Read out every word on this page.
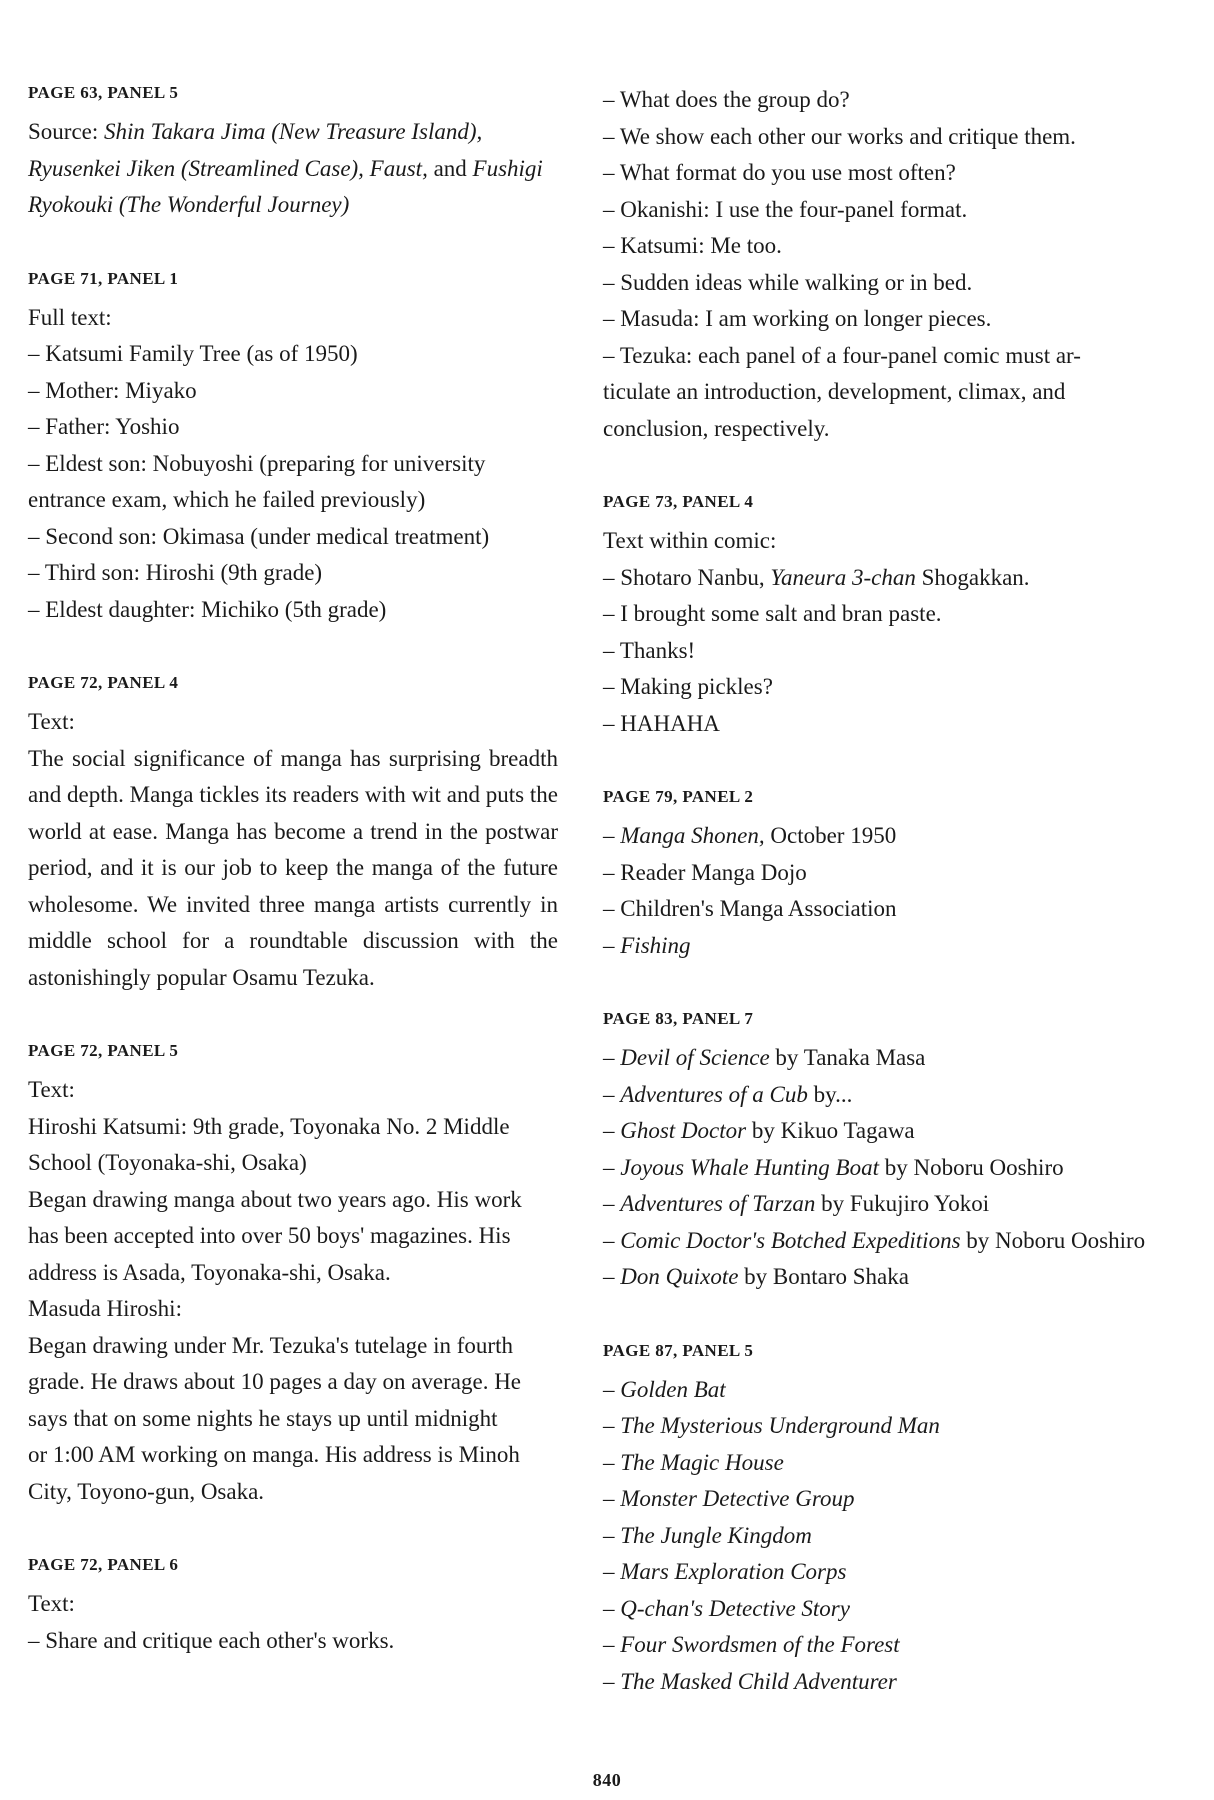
PAGE 63, PANEL 5
Source: Shin Takara Jima (New Treasure Island),
Ryusenkei Jiken (Streamlined Case), Faust, and Fushigi
Ryokouki (The Wonderful Journey)
PAGE 71, PANEL 1
Full text:
– Katsumi Family Tree (as of 1950)
– Mother: Miyako
– Father: Yoshio
– Eldest son: Nobuyoshi (preparing for university
entrance exam, which he failed previously)
– Second son: Okimasa (under medical treatment)
– Third son: Hiroshi (9th grade)
– Eldest daughter: Michiko (5th grade)
PAGE 72, PANEL 4
Text:
The social significance of manga has surprising breadth and depth. Manga tickles its readers with wit and puts the world at ease. Manga has become a trend in the postwar period, and it is our job to keep the manga of the future wholesome. We invited three manga artists currently in middle school for a roundtable discussion with the astonishingly popular Osamu Tezuka.
PAGE 72, PANEL 5
Text:
Hiroshi Katsumi: 9th grade, Toyonaka No. 2 Middle
School (Toyonaka-shi, Osaka)
Began drawing manga about two years ago. His work
has been accepted into over 50 boys' magazines. His
address is Asada, Toyonaka-shi, Osaka.
Masuda Hiroshi:
Began drawing under Mr. Tezuka's tutelage in fourth
grade. He draws about 10 pages a day on average. He
says that on some nights he stays up until midnight
or 1:00 AM working on manga. His address is Minoh
City, Toyono-gun, Osaka.
PAGE 72, PANEL 6
Text:
– Share and critique each other's works.
– What does the group do?
– We show each other our works and critique them.
– What format do you use most often?
– Okanishi: I use the four-panel format.
– Katsumi: Me too.
– Sudden ideas while walking or in bed.
– Masuda: I am working on longer pieces.
– Tezuka: each panel of a four-panel comic must ar-
ticulate an introduction, development, climax, and
conclusion, respectively.
PAGE 73, PANEL 4
Text within comic:
– Shotaro Nanbu, Yaneura 3-chan Shogakkan.
– I brought some salt and bran paste.
– Thanks!
– Making pickles?
– HAHAHA
PAGE 79, PANEL 2
– Manga Shonen, October 1950
– Reader Manga Dojo
– Children's Manga Association
– Fishing
PAGE 83, PANEL 7
– Devil of Science by Tanaka Masa
– Adventures of a Cub by...
– Ghost Doctor by Kikuo Tagawa
– Joyous Whale Hunting Boat by Noboru Ooshiro
– Adventures of Tarzan by Fukujiro Yokoi
– Comic Doctor's Botched Expeditions by Noboru Ooshiro
– Don Quixote by Bontaro Shaka
PAGE 87, PANEL 5
– Golden Bat
– The Mysterious Underground Man
– The Magic House
– Monster Detective Group
– The Jungle Kingdom
– Mars Exploration Corps
– Q-chan's Detective Story
– Four Swordsmen of the Forest
– The Masked Child Adventurer
840
